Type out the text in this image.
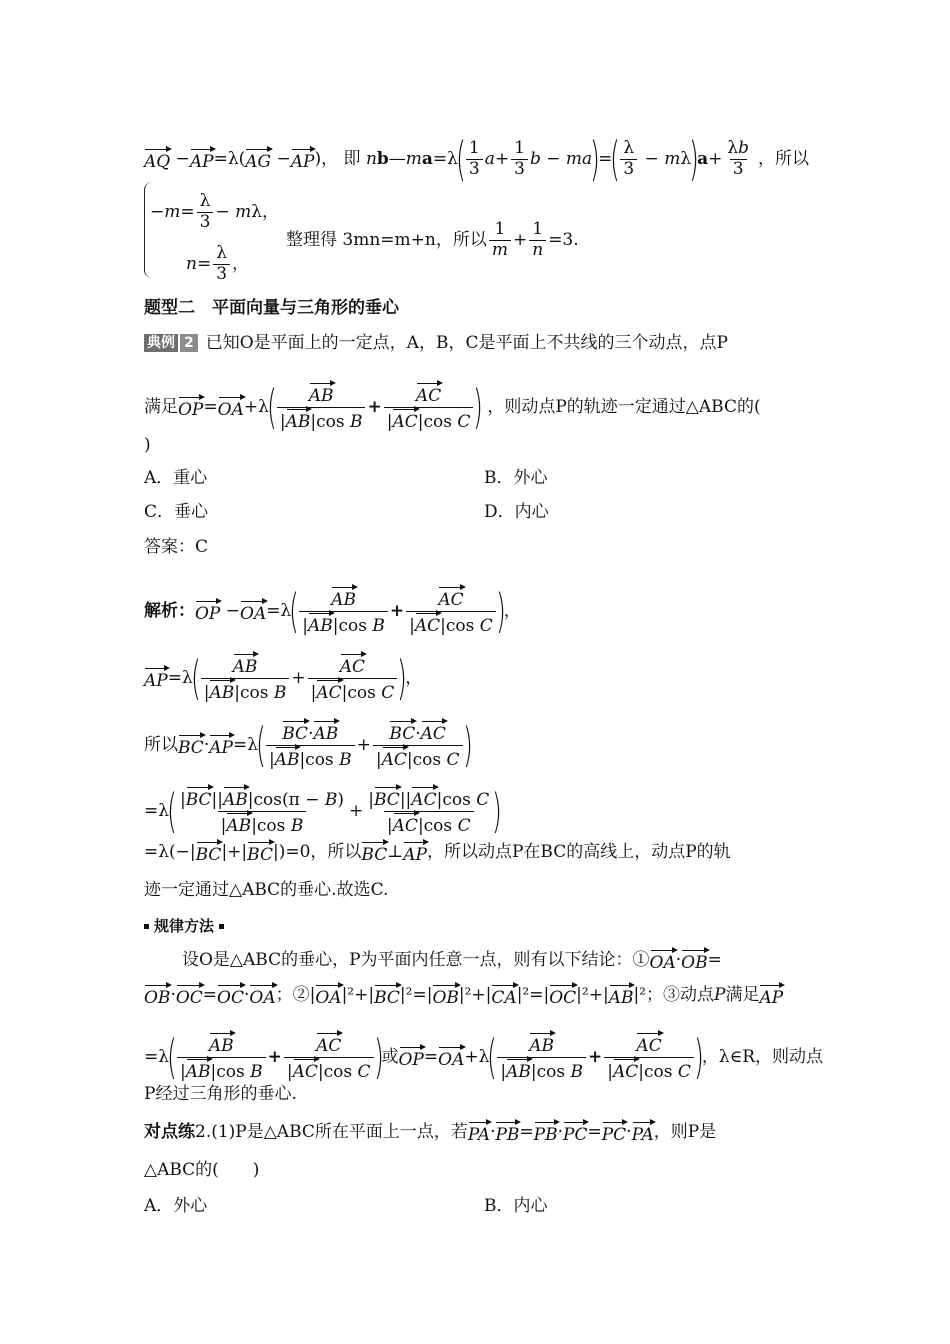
AQ − AP =λ( AG − AP )， 即 n b — m a =λ
( $\frac{1}{3}$ $a + \frac{1}{3}$ b − ma
)
=
( $\frac{\lambda}{3} - m$ λ
)
$a + \frac{\lambda b}{3}$ ，所以
− $m = \frac{\lambda}{3} - m$ λ，
$n = \frac{\lambda}{3}$ ，
整理得 3mn=m+n，所以 $\frac{1}{m} + \frac{1}{n} =3$.
题型二　平面向量与三角形的垂心
典例 2 已知O是平面上的一定点，A，B，C是平面上不共线的三个动点，点P
满足 OP = OA +λ
( $\frac{AB}{\text{|AB|cos B}} + \frac{AC}{\text{|AC|cos C}}$ ) ，则动点P的轨迹一定通过△ABC的(
)
A．重心	B．外心
C．垂心	D．内心
答案：C
解析： OP − OA =λ
( $\frac{AB}{\text{|AB|cos B}} + \frac{AC}{\text{|AC|cos C}}$ )
，
AP =λ
( $\frac{AB}{\text{|AB|cos B}} + \frac{AC}{\text{|AC|cos C}}$ )
，
所以 BC · AP =λ
( $\frac{BC\cdot AB}{\text{|AB|cos B}} + \frac{BC\cdot AC}{\text{|AC|cos C}}$ )
=λ
( $\frac{|BC||AB|\cos(\pi - B)}{\text{|AB|cos B}} + \frac{\text{|BC||AC|cos C}}{\text{|AC|cos C}}$ )
=λ(−| BC |+| BC |)=0，所以 BC ⊥ AP ，所以动点P在BC的高线上，动点P的轨
迹一定通过△ABC的垂心.故选C.
规律方法
设O是△ABC的垂心，P为平面内任意一点，则有以下结论：① OA · OB =
OB · OC = OC · OA ；②| OA |²+| BC |²=| OB |²+| CA |²=| OC |²+| AB |²；③动点 P 满足 AP
=λ
( $\frac{AB}{\text{|AB|cos B}} + \frac{AC}{\text{|AC|cos C}}$ )
或 OP = OA +λ
( $\frac{AB}{\text{|AB|cos B}} + \frac{AC}{\text{|AC|cos C}}$ )
，λ∈R，则动点
P经过三角形的垂心.
对点练 2.(1)P是△ABC所在平面上一点，若 PA · PB = PB · PC = PC · PA ，则P是
△ABC的(　　)
A．外心	B．内心
